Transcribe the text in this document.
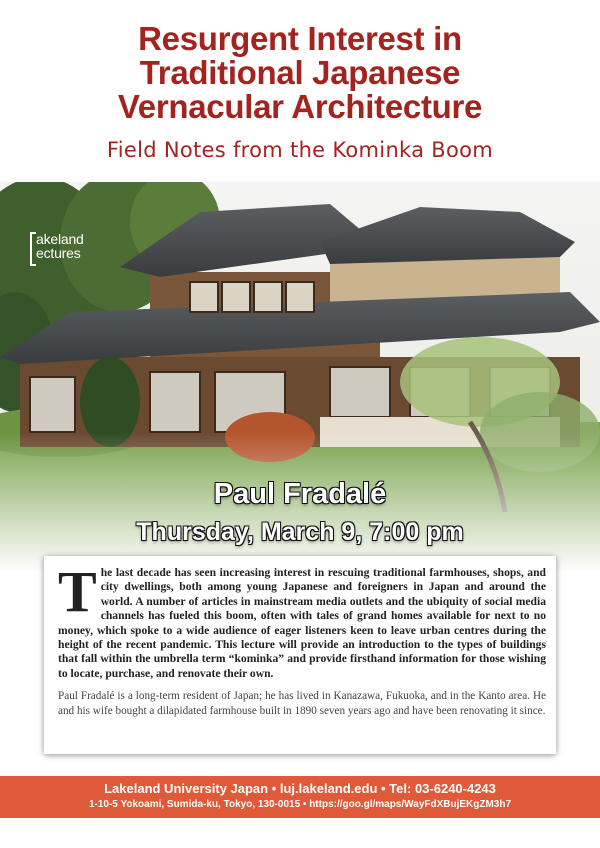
Resurgent Interest in
Traditional Japanese
Vernacular Architecture
Field Notes from the Kominka Boom
akeland
ectures
Paul Fradalé
Thursday, March 9, 7:00 pm

The last decade has seen increasing interest in rescuing traditional farmhouses, shops, and city dwellings, both among young Japanese and foreigners in Japan and around the world. A number of articles in mainstream media outlets and the ubiquity of social media channels has fueled this boom, often with tales of grand homes available for next to no money, which spoke to a wide audience of eager listeners keen to leave urban centres during the height of the recent pandemic. This lecture will provide an introduction to the types of buildings that fall within the umbrella term “kominka” and provide firsthand information for those wishing to locate, purchase, and renovate their own.

Paul Fradalé is a long-term resident of Japan; he has lived in Kanazawa, Fukuoka, and in the Kanto area. He and his wife bought a dilapidated farmhouse built in 1890 seven years ago and have been renovating it since.

Lakeland University Japan • luj.lakeland.edu • Tel: 03-6240-4243
1-10-5 Yokoami, Sumida-ku, Tokyo, 130-0015 • https://goo.gl/maps/WayFdXBujEKgZM3h7
